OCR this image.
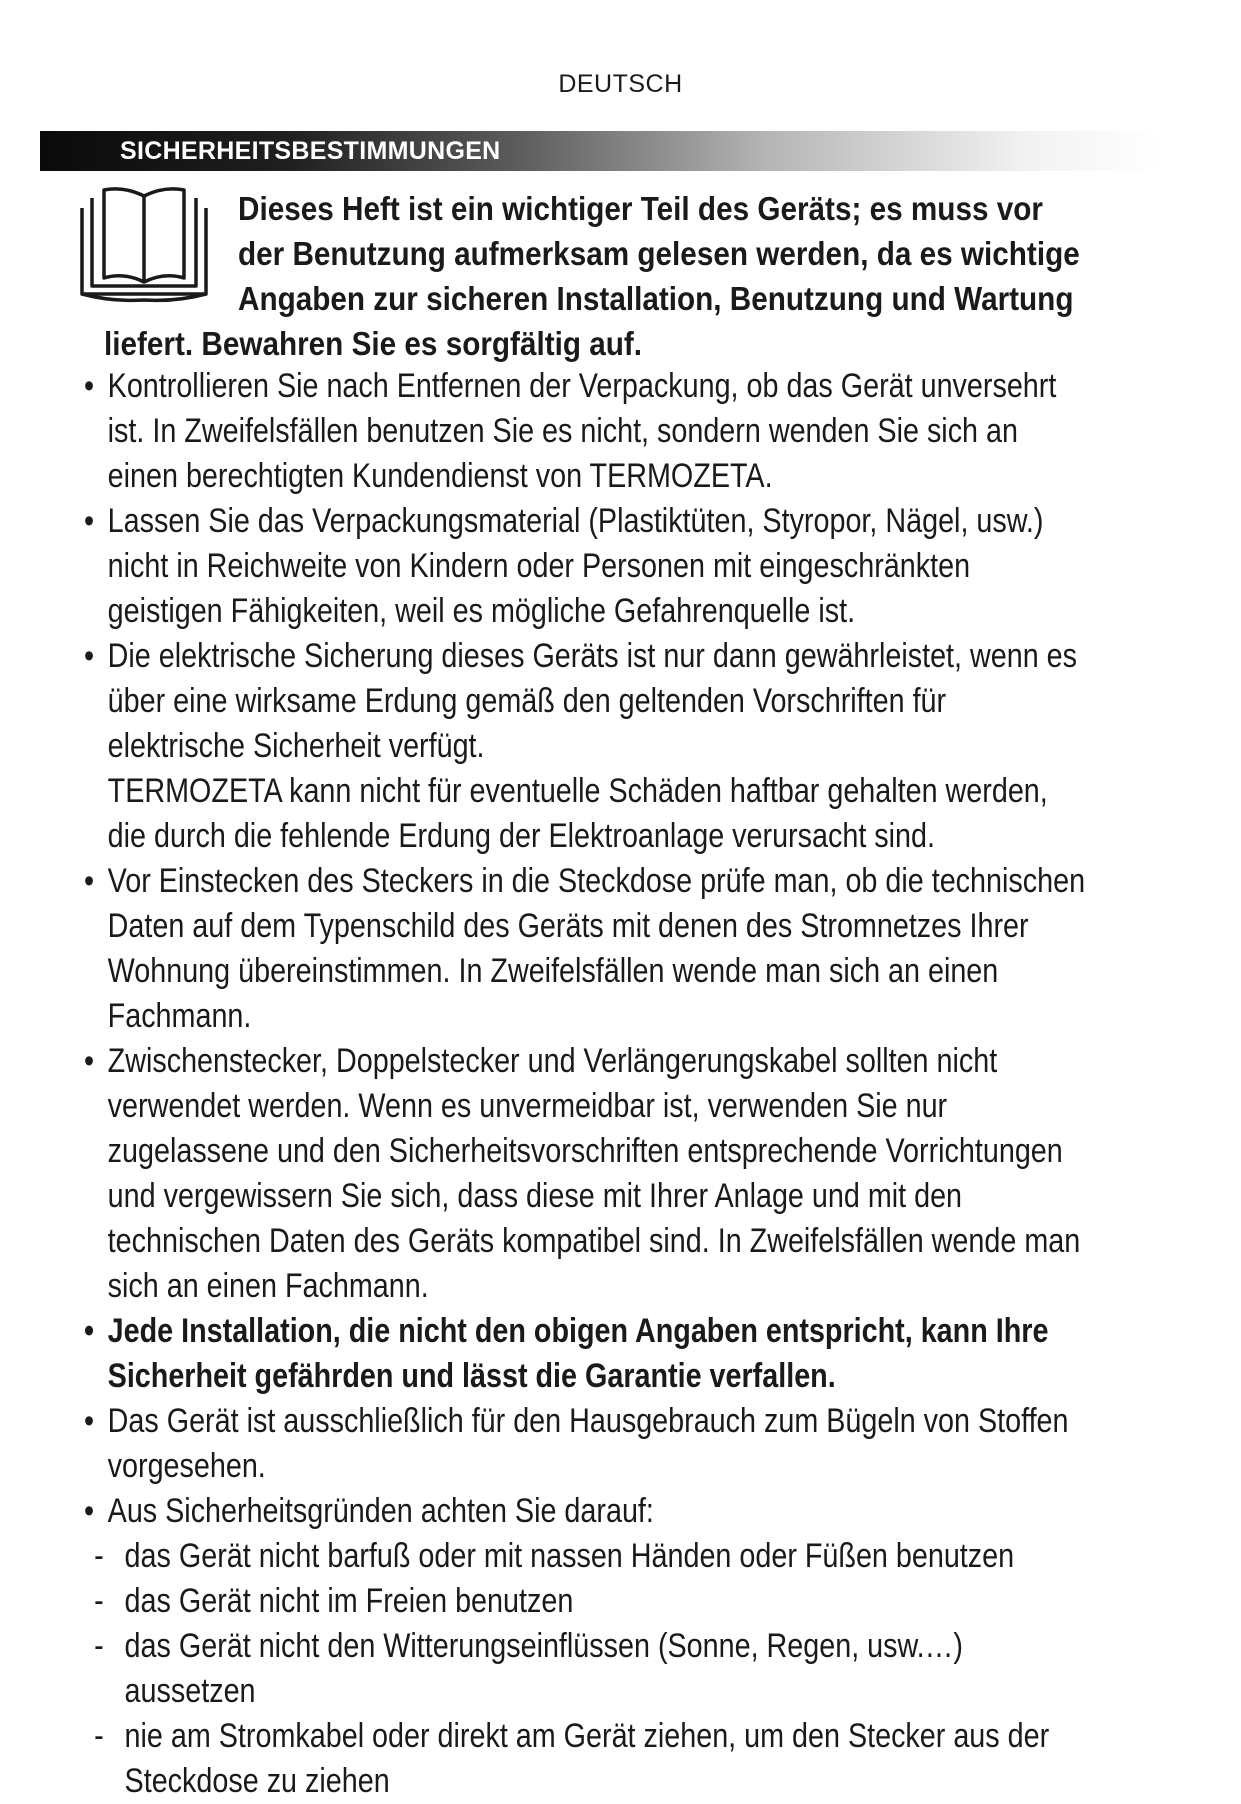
DEUTSCH
SICHERHEITSBESTIMMUNGEN
Dieses Heft ist ein wichtiger Teil des Geräts; es muss vor
der Benutzung aufmerksam gelesen werden, da es wichtige
Angaben zur sicheren Installation, Benutzung und Wartung
liefert. Bewahren Sie es sorgfältig auf.
• Kontrollieren Sie nach Entfernen der Verpackung, ob das Gerät unversehrt ist. In Zweifelsfällen benutzen Sie es nicht, sondern wenden Sie sich an einen berechtigten Kundendienst von TERMOZETA.
• Lassen Sie das Verpackungsmaterial (Plastiktüten, Styropor, Nägel, usw.) nicht in Reichweite von Kindern oder Personen mit eingeschränkten geistigen Fähigkeiten, weil es mögliche Gefahrenquelle ist.
• Die elektrische Sicherung dieses Geräts ist nur dann gewährleistet, wenn es über eine wirksame Erdung gemäß den geltenden Vorschriften für elektrische Sicherheit verfügt.
TERMOZETA kann nicht für eventuelle Schäden haftbar gehalten werden, die durch die fehlende Erdung der Elektroanlage verursacht sind.
• Vor Einstecken des Steckers in die Steckdose prüfe man, ob die technischen Daten auf dem Typenschild des Geräts mit denen des Stromnetzes Ihrer Wohnung übereinstimmen. In Zweifelsfällen wende man sich an einen Fachmann.
• Zwischenstecker, Doppelstecker und Verlängerungskabel sollten nicht verwendet werden. Wenn es unvermeidbar ist, verwenden Sie nur zugelassene und den Sicherheitsvorschriften entsprechende Vorrichtungen und vergewissern Sie sich, dass diese mit Ihrer Anlage und mit den technischen Daten des Geräts kompatibel sind. In Zweifelsfällen wende man sich an einen Fachmann.
• Jede Installation, die nicht den obigen Angaben entspricht, kann Ihre Sicherheit gefährden und lässt die Garantie verfallen.
• Das Gerät ist ausschließlich für den Hausgebrauch zum Bügeln von Stoffen vorgesehen.
• Aus Sicherheitsgründen achten Sie darauf:
- das Gerät nicht barfuß oder mit nassen Händen oder Füßen benutzen
- das Gerät nicht im Freien benutzen
- das Gerät nicht den Witterungseinflüssen (Sonne, Regen, usw.…) aussetzen
- nie am Stromkabel oder direkt am Gerät ziehen, um den Stecker aus der Steckdose zu ziehen
